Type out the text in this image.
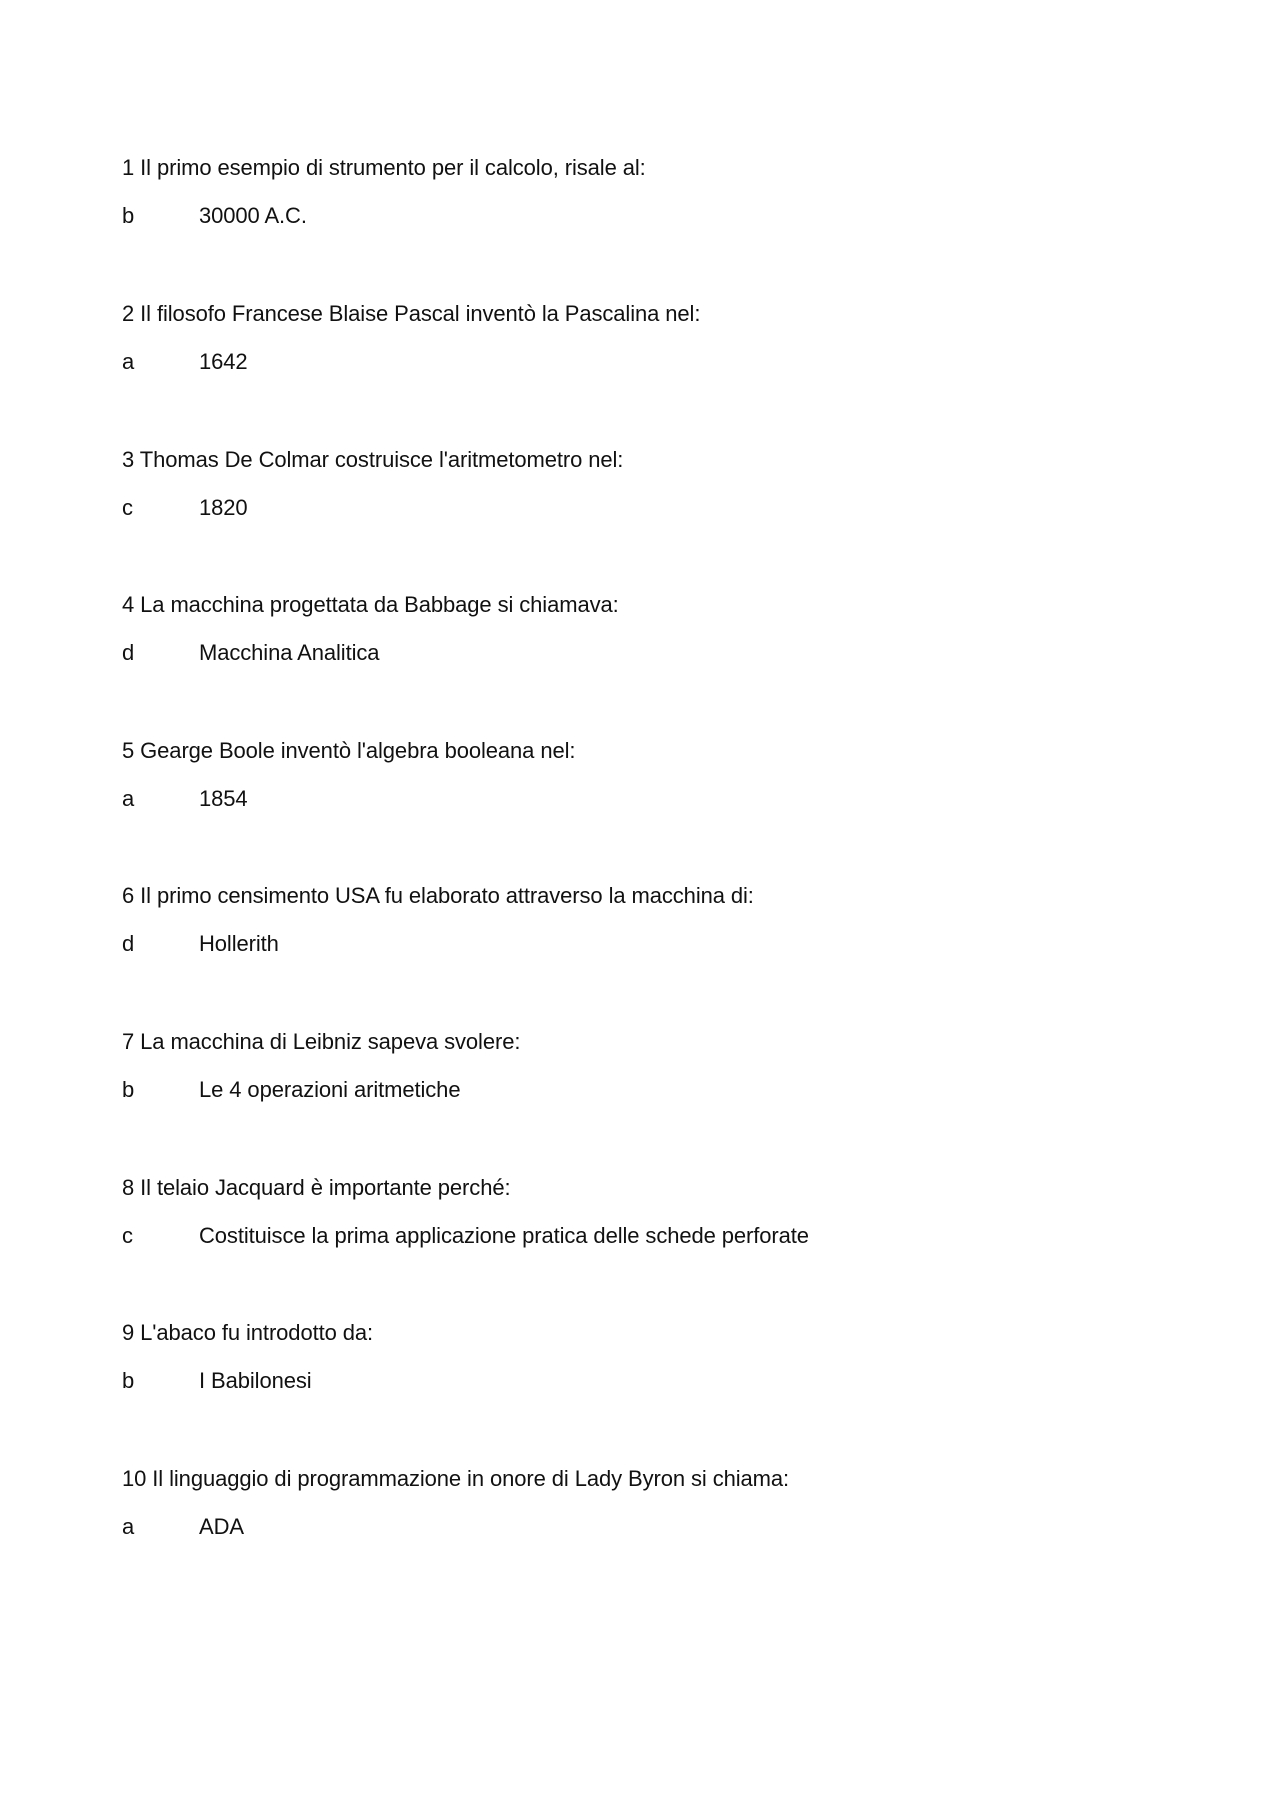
1 Il primo esempio di strumento per il calcolo, risale al:
b	30000 A.C.
2 Il filosofo Francese Blaise Pascal inventò la Pascalina nel:
a	1642
3 Thomas De Colmar costruisce l'aritmetometro nel:
c	1820
4 La macchina progettata da Babbage si chiamava:
d	Macchina Analitica
5 Gearge Boole inventò l'algebra booleana nel:
a	1854
6 Il primo censimento USA fu elaborato attraverso la macchina di:
d	Hollerith
7 La macchina di Leibniz sapeva svolere:
b	Le 4 operazioni aritmetiche
8 Il telaio Jacquard è importante perché:
c	Costituisce la prima applicazione pratica delle schede perforate
9 L'abaco fu introdotto da:
b	I Babilonesi
10 Il linguaggio di programmazione in onore di Lady Byron si chiama:
a	ADA
